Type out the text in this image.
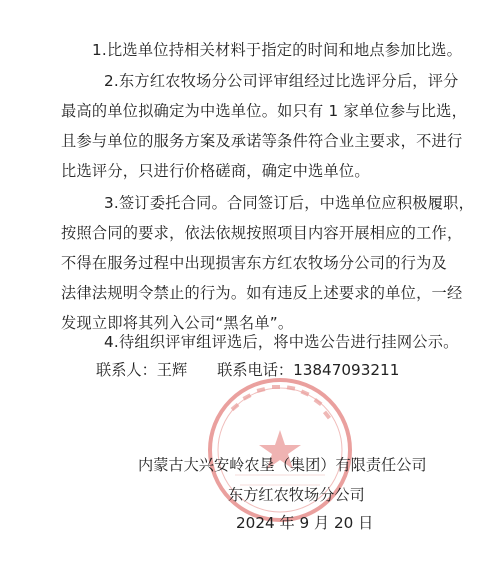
1.比选单位持相关材料于指定的时间和地点参加比选。
2.东方红农牧场分公司评审组经过比选评分后，评分
最高的单位拟确定为中选单位。如只有 1 家单位参与比选，
且参与单位的服务方案及承诺等条件符合业主要求，不进行
比选评分，只进行价格磋商，确定中选单位。
3.签订委托合同。合同签订后，中选单位应积极履职，
按照合同的要求，依法依规按照项目内容开展相应的工作，
不得在服务过程中出现损害东方红农牧场分公司的行为及
法律法规明令禁止的行为。如有违反上述要求的单位，一经
发现立即将其列入公司“黑名单”。
4.待组织评审组评选后，将中选公告进行挂网公示。
联系人：王辉 联系电话：13847093211
内蒙古大兴安岭农垦（集团）有限责任公司
东方红农牧场分公司
2024 年 9 月 20 日
